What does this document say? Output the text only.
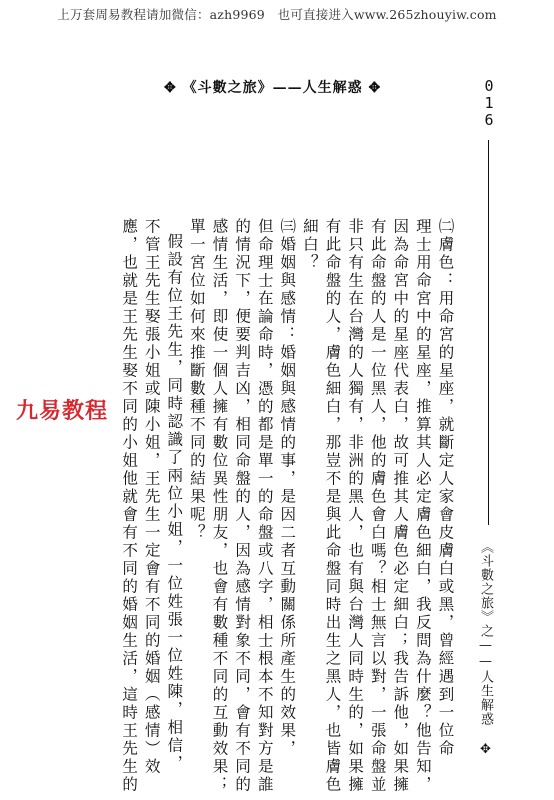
上万套周易教程请加微信：azh9969　也可直接进入www.265zhouyiw.com
✥ 《斗數之旅》——人生解惑 ✥	0
1
6
《斗數之旅》之——人生解惑 ✥
㈡膚色：用命宮的星座，就斷定人家會皮膚白或黑，曾經遇到一位命
理士用命宮中的星座，推算其人必定膚色細白，我反問為什麼？他告知，
因為命宮中的星座代表白，故可推其人膚色必定細白；我告訴他，如果擁
有此命盤的人是一位黑人，他的膚色會白嗎？相士無言以對，一張命盤並
非只有生在台灣的人獨有，非洲的黑人，也有與台灣人同時生的，如果擁
有此命盤的人，膚色細白，那豈不是與此命盤同時出生之黑人，也皆膚色
細白？
㈢婚姻與感情：婚姻與感情的事，是因二者互動關係所產生的效果，
但命理士在論命時，憑的都是單一的命盤或八字，相士根本不知對方是誰
的情況下，便要判吉凶，相同命盤的人，因為感情對象不同，會有不同的
感情生活，即使一個人擁有數位異性朋友，也會有數種不同的互動效果；
單一宮位如何來推斷數種不同的結果呢？
假設有位王先生，同時認識了兩位小姐，一位姓張一位姓陳，相信，
不管王先生娶張小姐或陳小姐，王先生一定會有不同的婚姻（感情）效
應，也就是王先生娶不同的小姐他就會有不同的婚姻生活，這時王先生的
九易教程
